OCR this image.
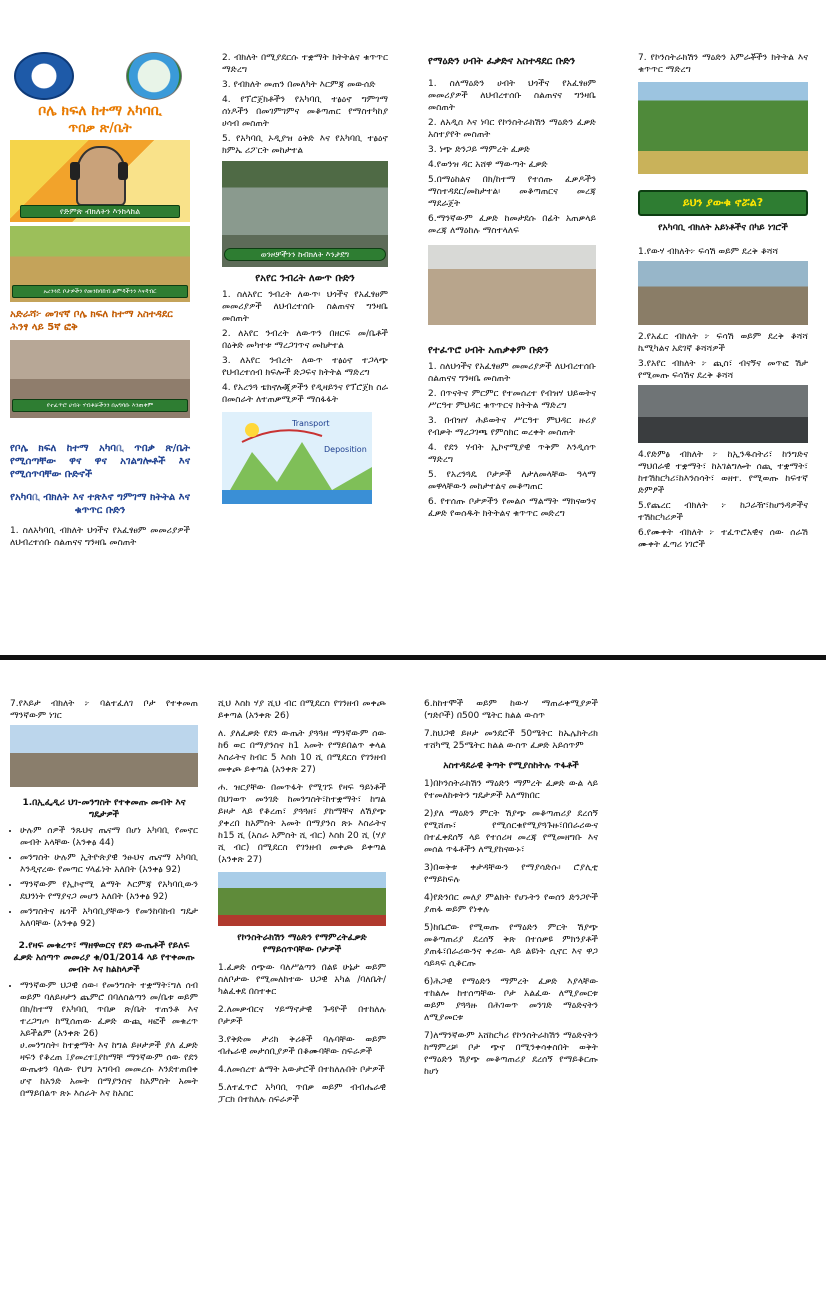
ቦሌ ክፍለ ከተማ አካባቢ
ጥበቃ ጽ/ቤት
የድምጽ ብክለትን እንከላከል
አረንጓዴ ቦታዎችን የመንከባከብ ልምዳችንን እናዳብር
አድራሻ፦ መገናኛ ቦሌ ክፍለ ከተማ አስተዳደር ሕንፃ ላይ 5ኛ ፎቅ
የተፈጥሮ ሀብት ሃብቶቻችንን በአግባቡ እንጠቀም
የቦሌ ክፍለ ከተማ አካባቢ ጥበቃ ጽ/ቤት የሚሰጣቸው ዋና ዋና አገልግሎቶች እና የሚሰጥባቸው ቡድኖች
የአካባቢ ብክለት እና ተጽእኖ ግምገማ ክትትል እና ቁጥጥር ቡድን

1. ስለአካባቢ ብክለት ህጎችና የአፈፃፀም መመሪያዎች ለህብረተሰቡ ስልጠናና ግንዛቤ መስጠት

2. ብክለት በሚያደርሱ ተቋማት ክትትልና ቁጥጥር ማድረግ

3. የብክለት መጠን በመለካት እርምጃ መውሰድ

4. የፕሮጀክቶችን የአካባቢ ተፅዕኖ ግምገማ ሰነዶችን በመገምገምና መቆጣጠር የማስተካከያ ሀሳብ መስጠት

5. የአካባቢ ኦዲያዝ ዕቅድ እና የአካባቢ ተፅዕኖ ክምኤ ሪፖርት መከታተል

ወንዞቻችንን ከብክለት እንታደግ
የአየር ንብረት ለውጥ ቡድን

1. ስለአየር ንብረት ለውጥ፡ ህጎችና የአፈፃፀም መመሪያዎች ለህብረተሰቡ ስልጠናና ግንዛቤ መስጠት

2. ለአየር ንብረት ለውጥን በዘርፍ መ/ቤቶች በዕቅድ መካተቱ ማረጋገጥና መከታተል

3. ለአየር ንብረት ለውጥ ተፅዕኖ ተጋላጭ የህብረተሰብ ክፍሎች ድጋፍና ክትትል ማድረግ

4. የአረንጓ ቴክኖሎጂዎችን የዲዛይንና የፕሮጀክ ስራ በመስራት ለተጠቃሚዎች ማስፋፋት

Transport
Deposition
የማዕድን ሀብት ፈቃድና አስተዳደር ቡድን

1. ስለማዕድን ሀብት ህጎችና የአፈፃፀም መመሪያዎች ለህብረተሰቡ ስልጠናና ግንዛቤ መስጠት

2. ለአዲስ እና ነባር የኮንስትራክሽን ማዕድን ፈቃድ አስተያየት መስጠት

3. ነጭ ድንጋይ ማምረት ፈቃድ

4.የወንዝ ዳር አሸዋ ማውጣት ፈቃድ

5.በማዕከልና በክ/ከተማ የተሰጡ ፈቃዶችን ማስተዳደር/መከታተል፡ መቆጣጠርና መረጃ ማደራጀት

6.ማንኛውም ፈቃድ ከመታደሱ በፊት አጠቃላይ መረጃ ለማዕከሉ ማስተላለፍ

የተፈጥሮ ሀብት አጠቃቀም ቡድን

1. ስለህጎችና የአፈፃፀም መመሪያዎች ለህብረተሰቡ ስልጠናና ግንዛቤ መስጠት

2. በጥናትና ምርምር የተመሰረተ የብዝሃ ህይወትና ሥርዓተ ምህዳር ቁጥጥርና ክትትል ማድረግ

3. በብዝሃ ሕይወትና ሥርዓተ ምህዳር ዙሪያ የብቃት ማረጋገጫ የምስክር ወረቀት መስጠት

4. የደን ሃብት ኢኮኖሚያዊ ጥቅም እንዲሰጥ ማድረግ

5. የአረንጓዴ ቦታዎች ለታለመላቸው ዓላማ መዋላቸውን መከታተልና መቆጣጠር

6. የተሰጡ ቦታዎችን የመልሶ ማልማት ማክናወንና ፈቃድ የወሰዱት ክትትልና ቁጥጥር መድረግ

7. የኮንስትራክሽን ማዕድን አምራቾችን ክትትል እና ቁጥጥር ማድረግ

ይህን ያውቁ ኖሯል?
የአካባቢ ብክለት አይነቶችና በካይ ነገሮች

1.የውሃ ብክለት፦ ፍሳሽ ወይም ደረቅ ቆሻሻ

2.የአፈር ብክለት ፦ ፍሳሽ ወይም ደረቅ ቆሻሻ ኬሚካልና አደገኛ ቆሻሻዎች

3.የአየር ብክለት ፦ ጪስ፣ ብናኝና መጥፎ ሽታ የሚመጡ ፍሳሽና ደረቅ ቆሻሻ

4.የድምፅ ብክለት ፦ ከኢንዱስትሪ፣ ከንግድና ማህበራዊ ተቋማት፣ ከአገልግሎት ሰጪ ተቋማት፣ ከተሽከርካሪ፣ከእንስሳት፣ ወዘተ. የሚወጡ ከፍተኛ ድምፆች

5.የጨረር ብክለት ፦ ከጋራዥ፣ከሆንዳዎችና ተሽከርካሪዎች

6.የሙቀት ብክለት ፦ ተፈጥሮአዊና ሰው ሰራሽ ሙቀት ፈጣሪ ነገሮች

7.የእይታ ብክለት ፦ ባልተፈለገ ቦታ የተቀመጠ ማንኛውም ነገር

1.በኢፌዲሪ ህገ-መንግስት የተቀመጡ መብት እና ግዴታዎች
• ሁሉም ሰዎች ንጹህና ጤናማ በሆነ አካባቢ የመኖር መብት አላቸው (አንቀፅ 44)
• መንግስት ሁሉም ኢትዮጵያዊ ንፁህና ጤናማ አካባቢ እንዲኖረው የመጣር ሃላፊነት አለበት (አንቀፅ 92)
• ማንኛውም የኢኮኖሚ ልማት እርምጃ የአካባቢውን ደህንነት የማያናጋ መሆን አለበት (አንቀፅ 92)
• መንግስትና ዜጎች አካባቢያቸውን የመንከባከብ ግዴታ አለባቸው (አንቀፅ 92)
2.የዛፍ መቁረጥ፣ ማዘዋወርና የደን ውጤቶች የይለፍ ፈቃድ አሰጣጥ መመሪያ ቁ/01/2014 ላይ የተቀመጡ መብት እና ክልከላዎች
• ማንኛውም ህጋዊ ሰው፡ የመንግስት ተቋማት፣ግለ ሰብ ወይም ባለይዞታን ጨምሮ በባለስልጣን መ/ቤቱ ወይም በክ/ከተማ የአካባቢ ጥበቃ ጽ/ቤት ተጠንቶ እና ተረጋግጦ ከሚሰጠው ፈቃድ ውጪ ዛፎች መቁረጥ አይችልም (አንቀጽ 26)

ሀ.መንግስት፡ ከተቋማት እና ከግል ይዞታዎች ያለ ፈቃድ ዛፍን የቆረጠ ፤ያመረተ፤ያከማቸ ማንኛውም ሰው የደን ውጤቱን ባለው የህግ አግባብ መመረሱ እንደተጠበቀ ሆኖ ከአንድ አመት በማያንስና ከአምስት አመት በማይበልጥ ጽኑ እስራት እና ከአስር

ሺህ እስከ ሃያ ሺህ ብር በሚደርስ የገንዘብ መቀጮ ይቀጣል (አንቀጽ 26)

ለ. ያለፈቃድ የደን ውጤት ያጓጓዘ ማንኛውም ሰው ከ6 ወር በማያንስና ከ1 አመት የማይበልጥ ቀላል እስራትና ከብር 5 እስከ 10 ሺ በሚደርስ የገንዘብ መቀጮ ይቀጣል (አንቀጽ 27)

ሐ. ዝርያቸው በመጥፋት የሚገኙ የዛፍ ዓይነቶች በህገወጥ መንገድ ከመንግስት፣ከተቋማት፣ ከግል ይዞታ ላይ የቆረጠ፣ ያጓጓዘ፣ ያከማቸና ለሽያጭ ያቀረበ ከአምስት አመት በማያንስ ጽኑ እስራትና ከ15 ሺ (አስራ አምስት ሺ ብር) እስከ 20 ሺ (ሃያ ሺ ብር) በሚደርስ የገንዘብ መቀጮ ይቀጣል (አንቀጽ 27)

የኮንስትራክሽን ማዕድን የማምረትፈቃድ የማይሰጥባቸው ቦታዎች

1.ፈቃድ ሰጭው ባለሥልጣን በልዩ ሁኔታ ወይም ስለቦታው የሚመለከተው ህጋዊ አካል /ባለቤት/ ካልፈቀደ በስተቀር

2.ለመቃብርና ሃይማኖታዊ ጉዳዮች በተከለሉ ቦታዎች

3.የቅድመ ታሪክ ቅሪቶች ባሉባቸው ወይም ብሔራዊ መታሰቢያዎች በቆሙባቸው ስፍራዎች

4.ለመሰረተ ልማት አውታሮች በተከለሉበት ቦታዎች

5.ለተፈጥሮ አካባቢ ጥበቃ ወይም ብብሔራዊ ፓርክ በተከለሉ ስፍራዎች

6.ከከተሞች ወይም ከውሃ ማጠራቀሚያዎች (ግድቦች) በ500 ሜትር ክልል ውስጥ

7.ከህጋዊ ይዞታ መንደሮች 50ሜትር ከኤሌክትሪክ ተሸካሚ 25ሜትር ክልል ውስጥ ፈቃድ አይሰጥም

አስተዳደራዊ ቅጣት የሚያስከትሉ ጥፋቶች

1)በኮንስትራክሽን ማዕድን ማምረት ፈቃድ ውል ላይ የተመለከቱትን ግዴታዎች አለማክበር

2)ያለ ማዕድን ምርት ሽያጭ መቆጣጠሪያ ደረሰኝ የሚሸጡ፣ የሚሰርቁየሚያጓጉዙ፣በበራሪውና በተፈቀደሰኝ ላይ የተሰሪዛ መረጃ የሚመዘግቡ እና መሰል ጥፋቶችን ለሚያከናውኑ፣

3)በወቅቱ ቀታዳቸውን የማያሳድሱ፡ ሮያሊቲ የማይከፍሉ

4)የድንበር መለያ ምልክት የሆኑትን የወሰን ድንጋዮች ያጠፋ ወይም የነቀሉ

5)ከቤሮው የሚወጡ የማዕድን ምርት ሽያጭ መቆጣጠሪያ ደረሰኝ ቅጽ በተሰቃዩ ምክንያቶች ያጠፋ፣በራሪውንና ቀሪው ላይ ልዩነት ሲኖር እና ዋጋ ሳይጻፍ ሲቆርጡ

6)ሕጋዊ የማዕድን ማምረት ፈቃድ እያላቸው ተከልሎ ከተሰጣቸው ቦታ አልፈው ለሚያመርቱ ወይም ያጓጓዙ በሕገወጥ መንገድ ማዕድናትን ለሚያመርቱ

7)ለማንኛውም አሸከርካሪ የኮንስትራክሽን ማዕድናትን ከማምረቻ ቦታ ጭኖ በሚንቀሳቀስበት ወቅት የማዕድን ሽያጭ መቆጣጠሪያ ደረሰኝ የማይቆርጡ ከሆነ
